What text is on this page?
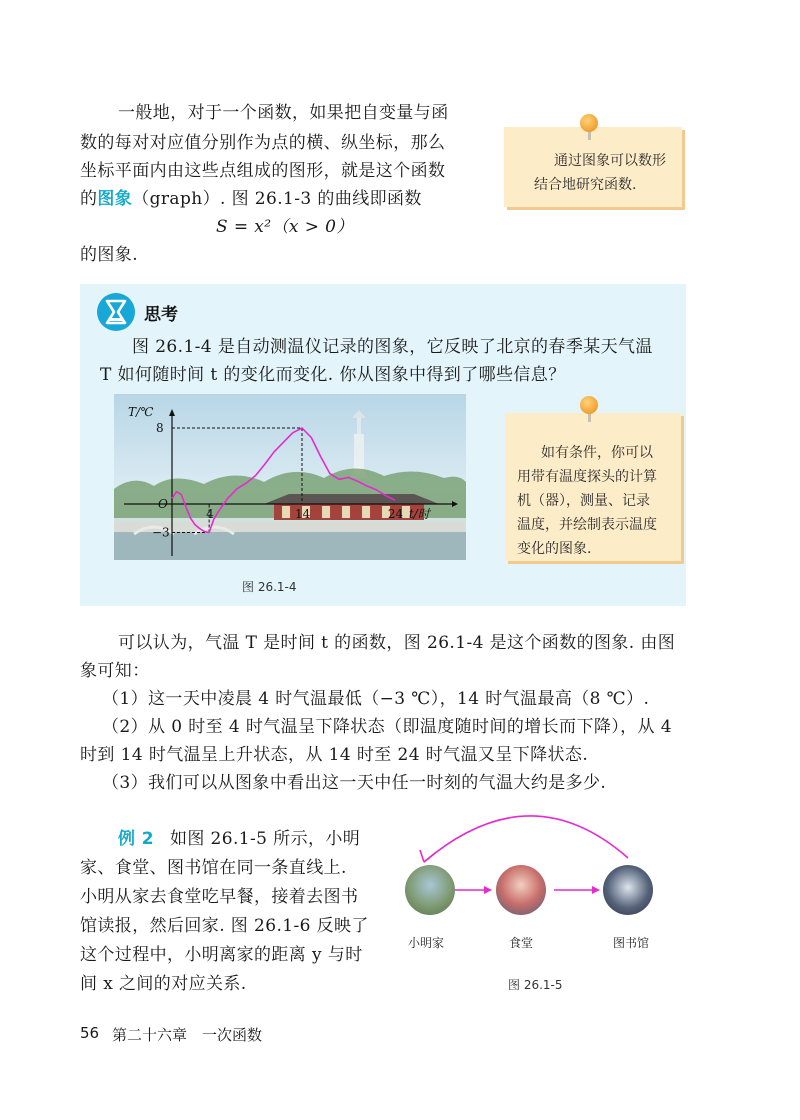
一般地，对于一个函数，如果把自变量与函
数的每对对应值分别作为点的横、纵坐标，那么
坐标平面内由这些点组成的图形，就是这个函数
的图象（graph）. 图 26.1-3 的曲线即函数
S = x²（x > 0）
的图象.
通过图象可以数形
结合地研究函数.
思考
图 26.1-4 是自动测温仪记录的图象，它反映了北京的春季某天气温
T 如何随时间 t 的变化而变化. 你从图象中得到了哪些信息？
8
−3
O
4	14	24
T/℃
t/时
图 26.1-4
如有条件，你可以
用带有温度探头的计算
机（器），测量、记录
温度，并绘制表示温度
变化的图象.
可以认为，气温 T 是时间 t 的函数，图 26.1-4 是这个函数的图象. 由图
象可知：
（1）这一天中凌晨 4 时气温最低（−3 ℃），14 时气温最高（8 ℃）.
（2）从 0 时至 4 时气温呈下降状态（即温度随时间的增长而下降），从 4
时到 14 时气温呈上升状态，从 14 时至 24 时气温又呈下降状态.
（3）我们可以从图象中看出这一天中任一时刻的气温大约是多少.
例 2 如图 26.1-5 所示，小明
家、食堂、图书馆在同一条直线上.
小明从家去食堂吃早餐，接着去图书
馆读报，然后回家. 图 26.1-6 反映了
这个过程中，小明离家的距离 y 与时
间 x 之间的对应关系.
小明家	食堂	图书馆
图 26.1-5
56 第二十六章　一次函数
